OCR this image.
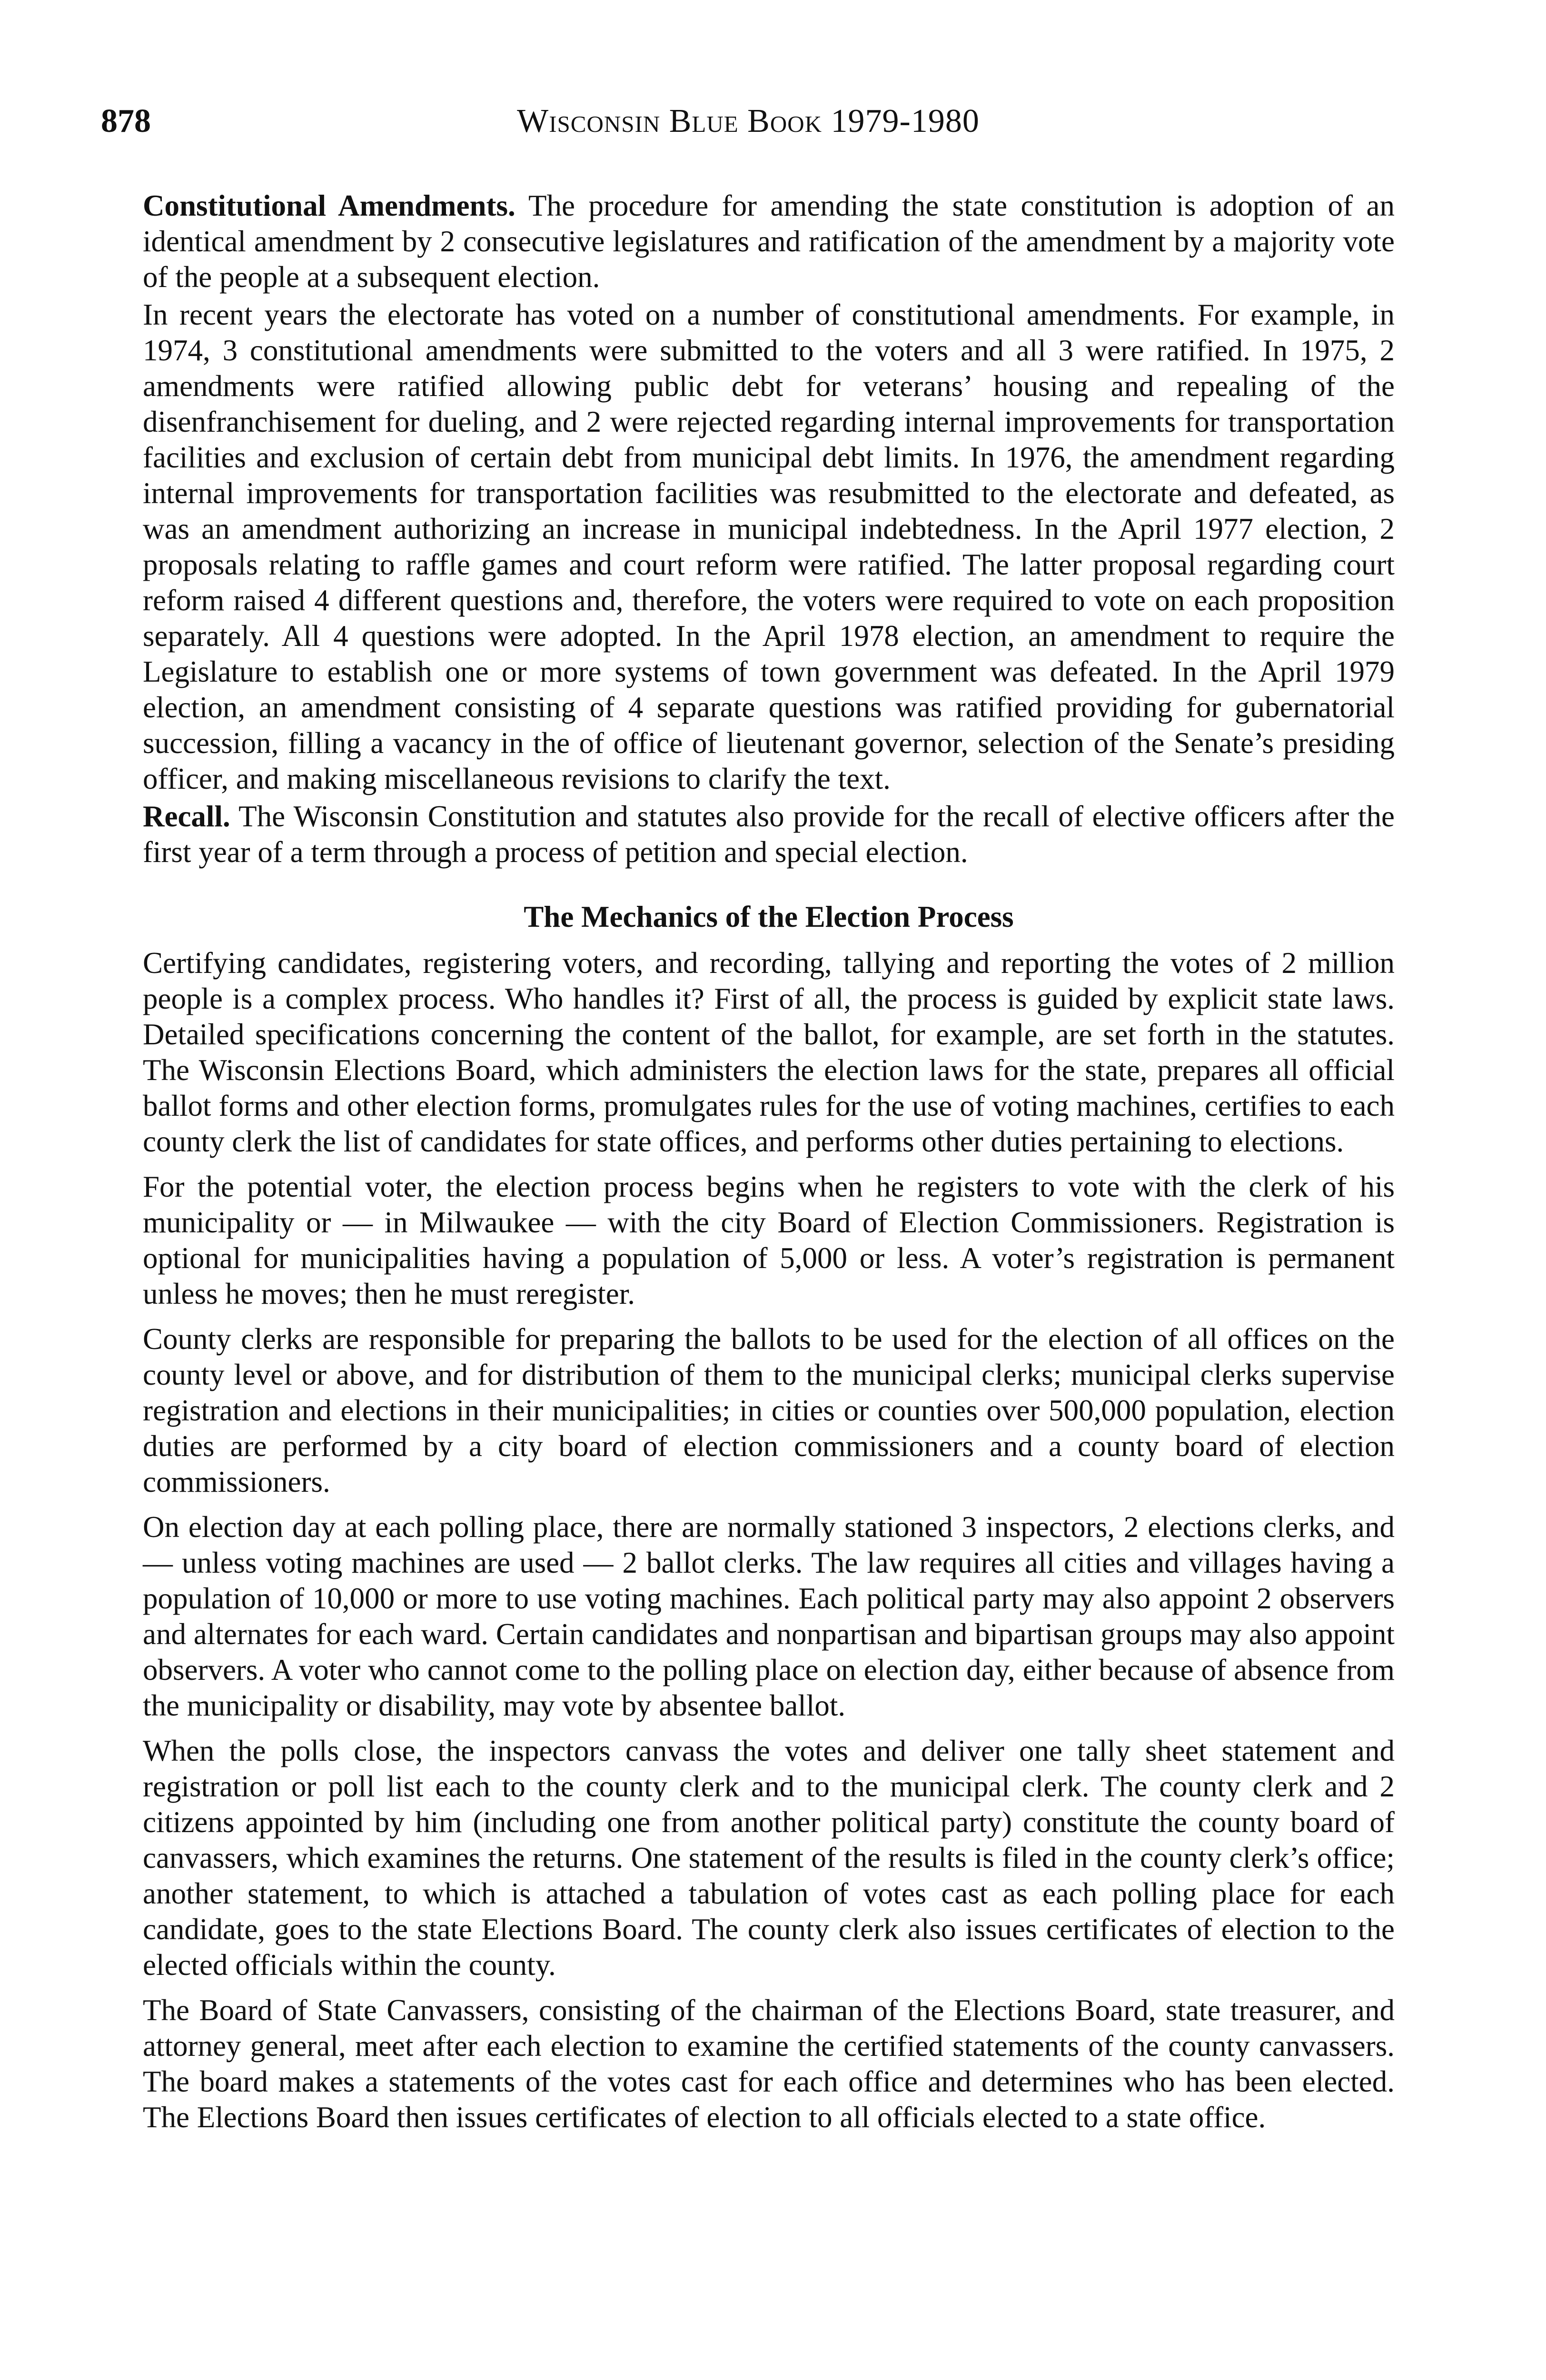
878	Wisconsin Blue Book 1979-1980

Constitutional Amendments. The procedure for amending the state constitution is adoption of an identical amendment by 2 consecutive legislatures and ratification of the amendment by a majority vote of the people at a subsequent election.

In recent years the electorate has voted on a number of constitutional amendments. For example, in 1974, 3 constitutional amendments were submitted to the voters and all 3 were ratified. In 1975, 2 amendments were ratified allowing public debt for veterans’ housing and repealing of the disenfranchisement for dueling, and 2 were rejected regarding internal improvements for transportation facilities and exclusion of certain debt from municipal debt limits. In 1976, the amendment regarding internal improvements for transportation facilities was resubmitted to the electorate and defeated, as was an amendment authorizing an increase in municipal indebtedness. In the April 1977 election, 2 proposals relating to raffle games and court reform were ratified. The latter proposal regarding court reform raised 4 different questions and, therefore, the voters were required to vote on each proposition separately. All 4 questions were adopted. In the April 1978 election, an amendment to require the Legislature to establish one or more systems of town government was defeated. In the April 1979 election, an amendment consisting of 4 separate questions was ratified providing for gubernatorial succession, filling a vacancy in the of office of lieutenant governor, selection of the Senate’s presiding officer, and making miscellaneous revisions to clarify the text.

Recall. The Wisconsin Constitution and statutes also provide for the recall of elective officers after the first year of a term through a process of petition and special election.

The Mechanics of the Election Process

Certifying candidates, registering voters, and recording, tallying and reporting the votes of 2 million people is a complex process. Who handles it? First of all, the process is guided by explicit state laws. Detailed specifications concerning the content of the ballot, for example, are set forth in the statutes. The Wisconsin Elections Board, which administers the election laws for the state, prepares all official ballot forms and other election forms, promulgates rules for the use of voting machines, certifies to each county clerk the list of candidates for state offices, and performs other duties pertaining to elections.

For the potential voter, the election process begins when he registers to vote with the clerk of his municipality or — in Milwaukee — with the city Board of Election Commissioners. Registration is optional for municipalities having a population of 5,000 or less. A voter’s registration is permanent unless he moves; then he must reregister.

County clerks are responsible for preparing the ballots to be used for the election of all offices on the county level or above, and for distribution of them to the municipal clerks; municipal clerks supervise registration and elections in their municipalities; in cities or counties over 500,000 population, election duties are performed by a city board of election commissioners and a county board of election commissioners.

On election day at each polling place, there are normally stationed 3 inspectors, 2 elections clerks, and — unless voting machines are used — 2 ballot clerks. The law requires all cities and villages having a population of 10,000 or more to use voting machines. Each political party may also appoint 2 observers and alternates for each ward. Certain candidates and nonpartisan and bipartisan groups may also appoint observers. A voter who cannot come to the polling place on election day, either because of absence from the municipality or disability, may vote by absentee ballot.

When the polls close, the inspectors canvass the votes and deliver one tally sheet statement and registration or poll list each to the county clerk and to the municipal clerk. The county clerk and 2 citizens appointed by him (including one from another political party) constitute the county board of canvassers, which examines the returns. One statement of the results is filed in the county clerk’s office; another statement, to which is attached a tabulation of votes cast as each polling place for each candidate, goes to the state Elections Board. The county clerk also issues certificates of election to the elected officials within the county.

The Board of State Canvassers, consisting of the chairman of the Elections Board, state treasurer, and attorney general, meet after each election to examine the certified statements of the county canvassers. The board makes a statements of the votes cast for each office and determines who has been elected. The Elections Board then issues certificates of election to all officials elected to a state office.
